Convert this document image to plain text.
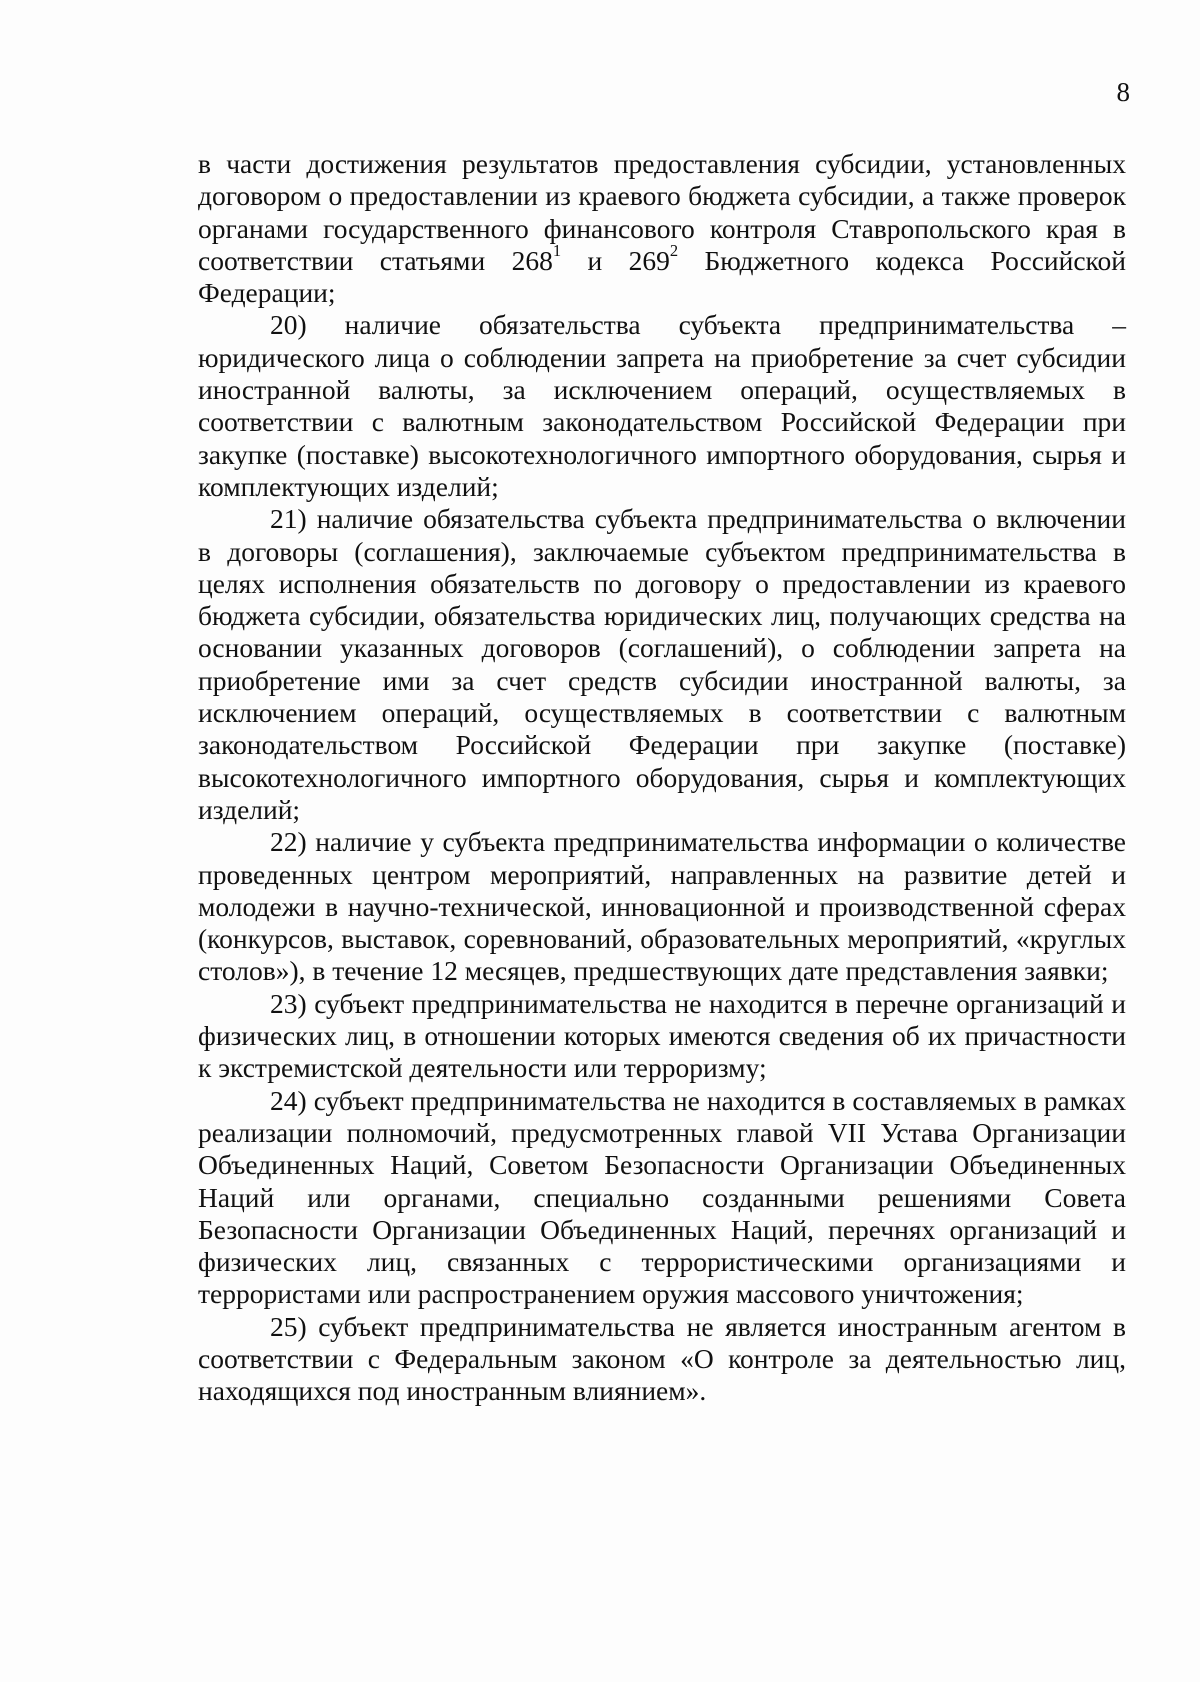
8

в части достижения результатов предоставления субсидии, установленных договором о предоставлении из краевого бюджета субсидии, а также проверок органами государственного финансового контроля Ставропольского края в соответствии статьями $268^1$ и $269^2$ Бюджетного кодекса Российской Федерации;

20) наличие обязательства субъекта предпринимательства – юридического лица о соблюдении запрета на приобретение за счет субсидии иностранной валюты, за исключением операций, осуществляемых в соответствии с валютным законодательством Российской Федерации при закупке (поставке) высокотехнологичного импортного оборудования, сырья и комплектующих изделий;

21) наличие обязательства субъекта предпринимательства о включении в договоры (соглашения), заключаемые субъектом предпринимательства в целях исполнения обязательств по договору о предоставлении из краевого бюджета субсидии, обязательства юридических лиц, получающих средства на основании указанных договоров (соглашений), о соблюдении запрета на приобретение ими за счет средств субсидии иностранной валюты, за исключением операций, осуществляемых в соответствии с валютным законодательством Российской Федерации при закупке (поставке) высокотехнологичного импортного оборудования, сырья и комплектующих изделий;

22) наличие у субъекта предпринимательства информации о количестве проведенных центром мероприятий, направленных на развитие детей и молодежи в научно-технической, инновационной и производственной сферах (конкурсов, выставок, соревнований, образовательных мероприятий, «круглых столов»), в течение 12 месяцев, предшествующих дате представления заявки;

23) субъект предпринимательства не находится в перечне организаций и физических лиц, в отношении которых имеются сведения об их причастности к экстремистской деятельности или терроризму;

24) субъект предпринимательства не находится в составляемых в рамках реализации полномочий, предусмотренных главой VII Устава Организации Объединенных Наций, Советом Безопасности Организации Объединенных Наций или органами, специально созданными решениями Совета Безопасности Организации Объединенных Наций, перечнях организаций и физических лиц, связанных с террористическими организациями и террористами или распространением оружия массового уничтожения;

25) субъект предпринимательства не является иностранным агентом в соответствии с Федеральным законом «О контроле за деятельностью лиц, находящихся под иностранным влиянием».
